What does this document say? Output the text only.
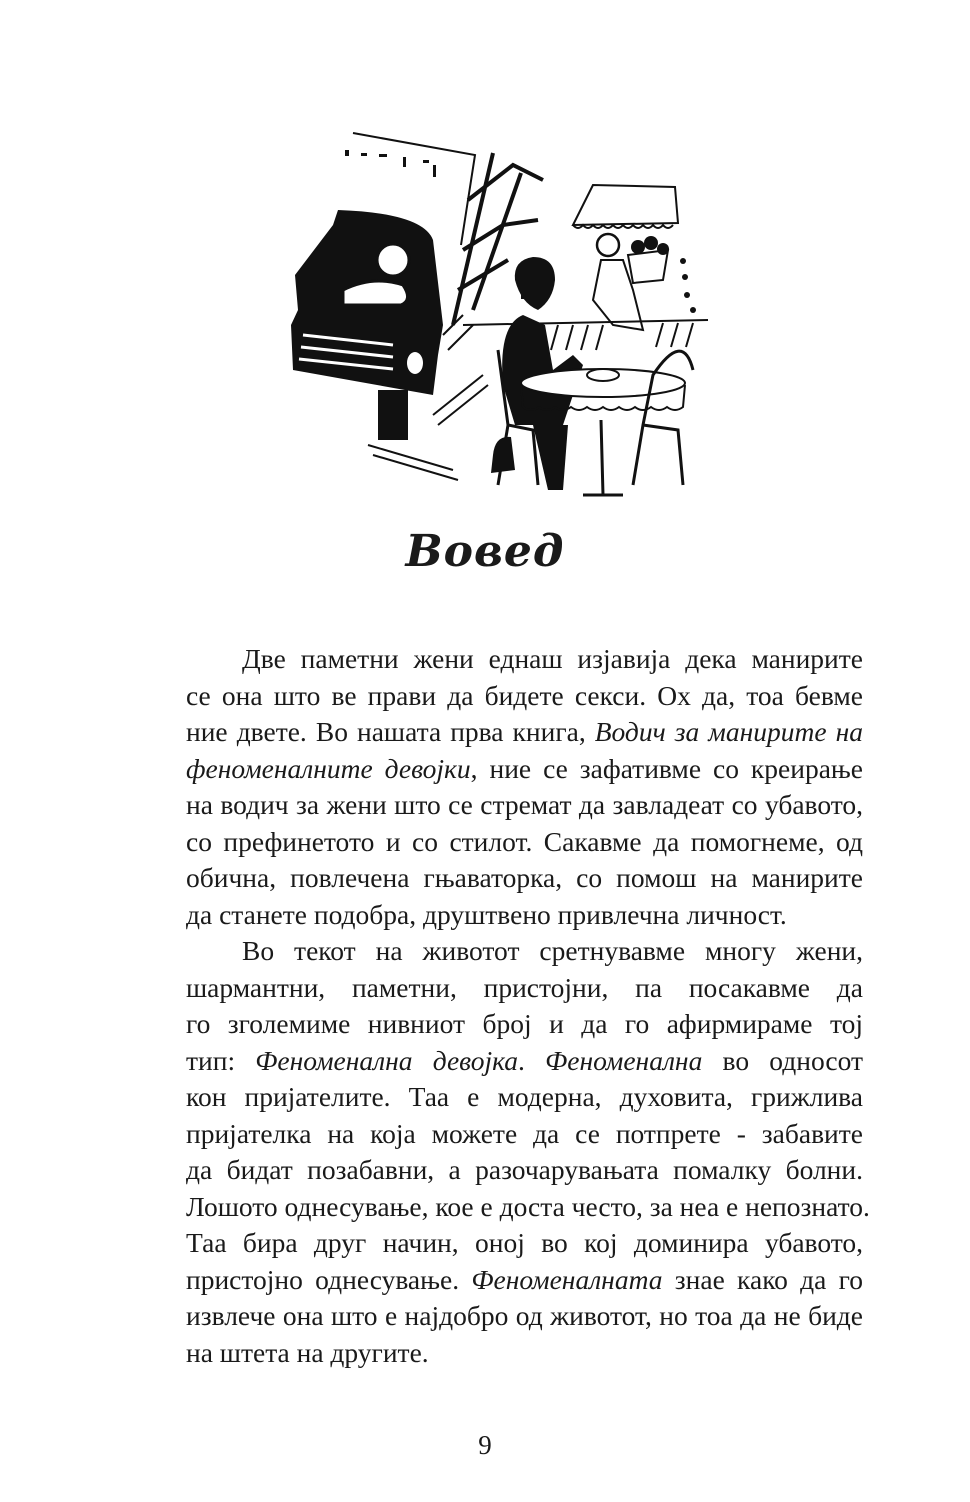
Вовед
Две паметни жени еднаш изјавија дека манирите
се она што ве прави да бидете секси. Ох да, тоа бевме
ние двете. Во нашата прва книга, Водич за манирите на
феноменалните девојки, ние се зафативме со креирање
на водич за жени што се стремат да завладеат со убавото,
со префинетото и со стилот. Сакавме да помогнеме, од
обична, повлечена гњаваторка, со помош на манирите
да станете подобра, друштвено привлечна личност.
Во текот на животот сретнувавме многу жени,
шармантни, паметни, пристојни, па посакавме да
го зголемиме нивниот број и да го афирмираме тој
тип: Феноменална девојка. Феноменална во односот
кон пријателите. Таа е модерна, духовита, грижлива
пријателка на која можете да се потпрете - забавите
да бидат позабавни, а разочарувањата помалку болни.
Лошото однесување, кое е доста често, за неа е непознато.
Таа бира друг начин, оној во кој доминира убавото,
пристојно однесување. Феноменалната знае како да го
извлече она што е најдобро од животот, но тоа да не биде
на штета на другите.
9
